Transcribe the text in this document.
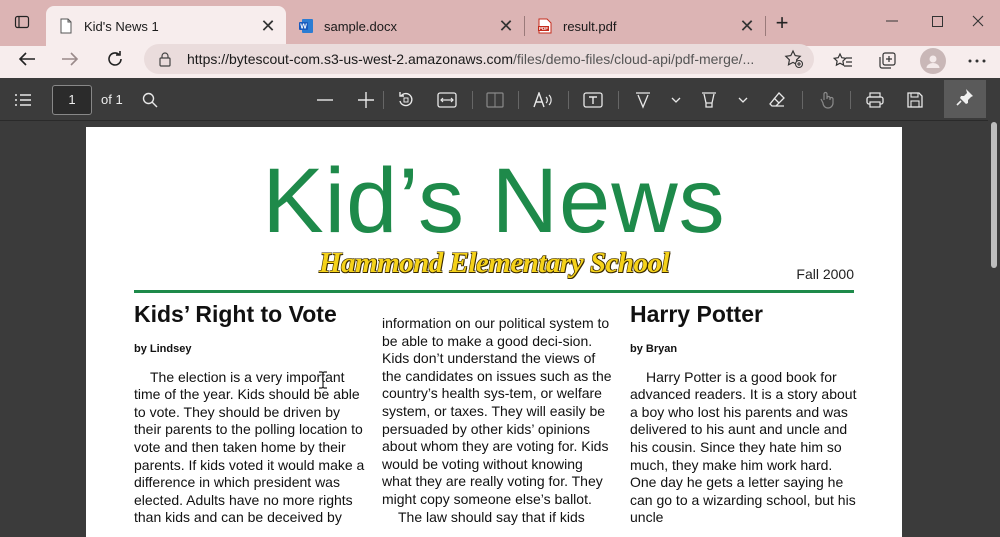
Kid's News 1	✕	W sample.docx	✕	PDF result.pdf	✕ +
https://bytescout-com.s3-us-west-2.amazonaws.com/files/demo-files/cloud-api/pdf-merge/...
1	of 1
Kid’s News
Hammond Elementary School	Fall 2000
Kids’ Right to Vote
by Lindsey
The election is a very important time of the year. Kids should be able to vote. They should be driven by their parents to the polling location to vote and then taken home by their parents. If kids voted it would make a difference in which president was elected. Adults have no more rights than kids and can be deceived by
information on our political system to be able to make a good deci-sion. Kids don’t understand the views of the candidates on issues such as the country’s health sys-tem, or welfare system, or taxes. They will easily be persuaded by other kids’ opinions about whom they are voting for. Kids would be voting without knowing what they are really voting for. They might copy someone else’s ballot.
The law should say that if kids
Harry Potter
by Bryan
Harry Potter is a good book for advanced readers. It is a story about a boy who lost his parents and was delivered to his aunt and uncle and his cousin. Since they hate him so much, they make him work hard. One day he gets a letter saying he can go to a wizarding school, but his uncle
